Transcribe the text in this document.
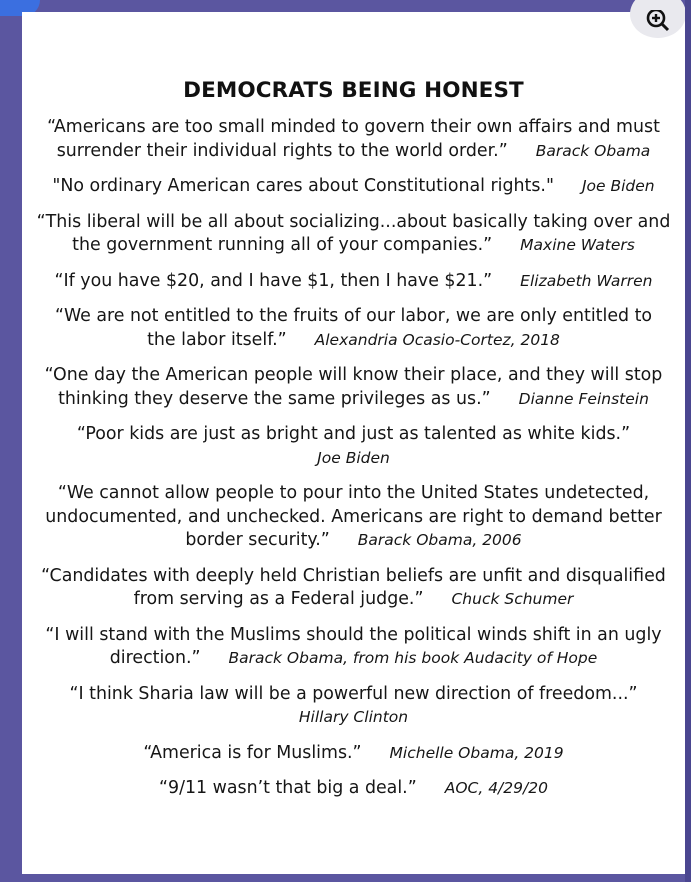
DEMOCRATS BEING HONEST
“Americans are too small minded to govern their own affairs and must
surrender their individual rights to the world order.” Barack Obama
"No ordinary American cares about Constitutional rights." Joe Biden
“This liberal will be all about socializing...about basically taking over and
the government running all of your companies.” Maxine Waters
“If you have $20, and I have $1, then I have $21.” Elizabeth Warren
“We are not entitled to the fruits of our labor, we are only entitled to
the labor itself.” Alexandria Ocasio-Cortez, 2018
“One day the American people will know their place, and they will stop
thinking they deserve the same privileges as us.” Dianne Feinstein
“Poor kids are just as bright and just as talented as white kids.”
Joe Biden
“We cannot allow people to pour into the United States undetected,
undocumented, and unchecked. Americans are right to demand better
border security.” Barack Obama, 2006
“Candidates with deeply held Christian beliefs are unfit and disqualified
from serving as a Federal judge.” Chuck Schumer
“I will stand with the Muslims should the political winds shift in an ugly
direction.” Barack Obama, from his book Audacity of Hope
“I think Sharia law will be a powerful new direction of freedom...”
Hillary Clinton
“America is for Muslims.” Michelle Obama, 2019
“9/11 wasn’t that big a deal.” AOC, 4/29/20
